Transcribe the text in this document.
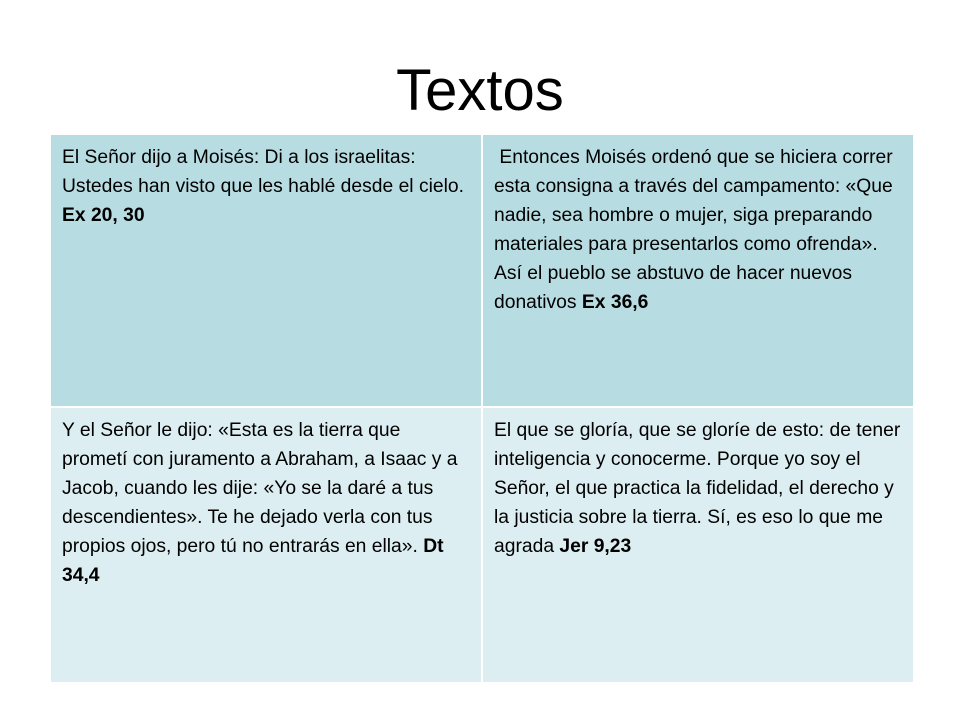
Textos
El Señor dijo a Moisés: Di a los israelitas: Ustedes han visto que les hablé desde el cielo. Ex 20, 30
Entonces Moisés ordenó que se hiciera correr esta consigna a través del campamento: «Que nadie, sea hombre o mujer, siga preparando materiales para presentarlos como ofrenda». Así el pueblo se abstuvo de hacer nuevos donativos Ex 36,6
Y el Señor le dijo: «Esta es la tierra que prometí con juramento a Abraham, a Isaac y a Jacob, cuando les dije: «Yo se la daré a tus descendientes». Te he dejado verla con tus propios ojos, pero tú no entrarás en ella». Dt 34,4
El que se gloría, que se gloríe de esto: de tener inteligencia y conocerme. Porque yo soy el Señor, el que practica la fidelidad, el derecho y la justicia sobre la tierra. Sí, es eso lo que me agrada Jer 9,23
